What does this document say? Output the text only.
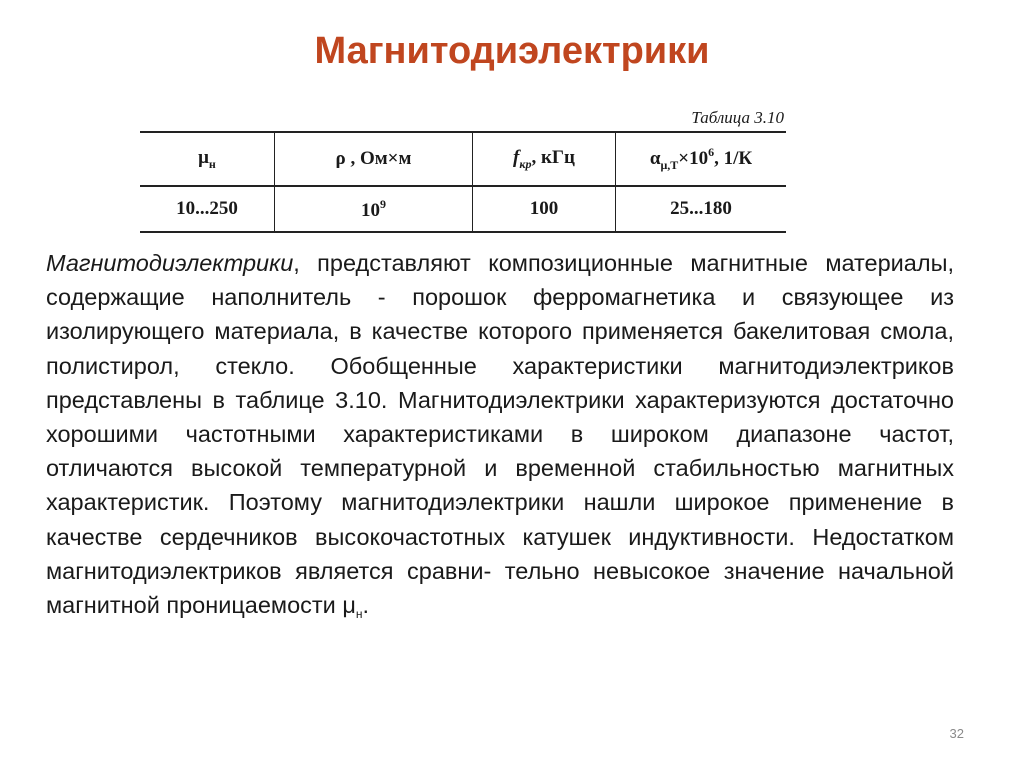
Магнитодиэлектрики
Таблица 3.10
$\mu_н$	ρ , Ом×м	$f_{кр}$, кГц	$\alpha_{\mu,Т}\times 10^6$, 1/К
10...250	$10^9$	100	25...180
Магнитодиэлектрики, представляют композиционные магнитные материалы, содержащие наполнитель - порошок ферромагнетика и связующее из изолирующего материала, в качестве которого применяется бакелитовая смола, полистирол, стекло. Обобщенные характеристики магнитодиэлектриков представлены в таблице 3.10. Магнитодиэлектрики характеризуются достаточно хорошими частотными характеристиками в широком диапазоне частот, отличаются высокой температурной и временной стабильностью магнитных характеристик. Поэтому магнитодиэлектрики нашли широкое применение в качестве сердечников высокочастотных катушек индуктивности. Недостатком магнитодиэлектриков является сравни- тельно невысокое значение начальной магнитной проницаемости $\mu_н$.
32
